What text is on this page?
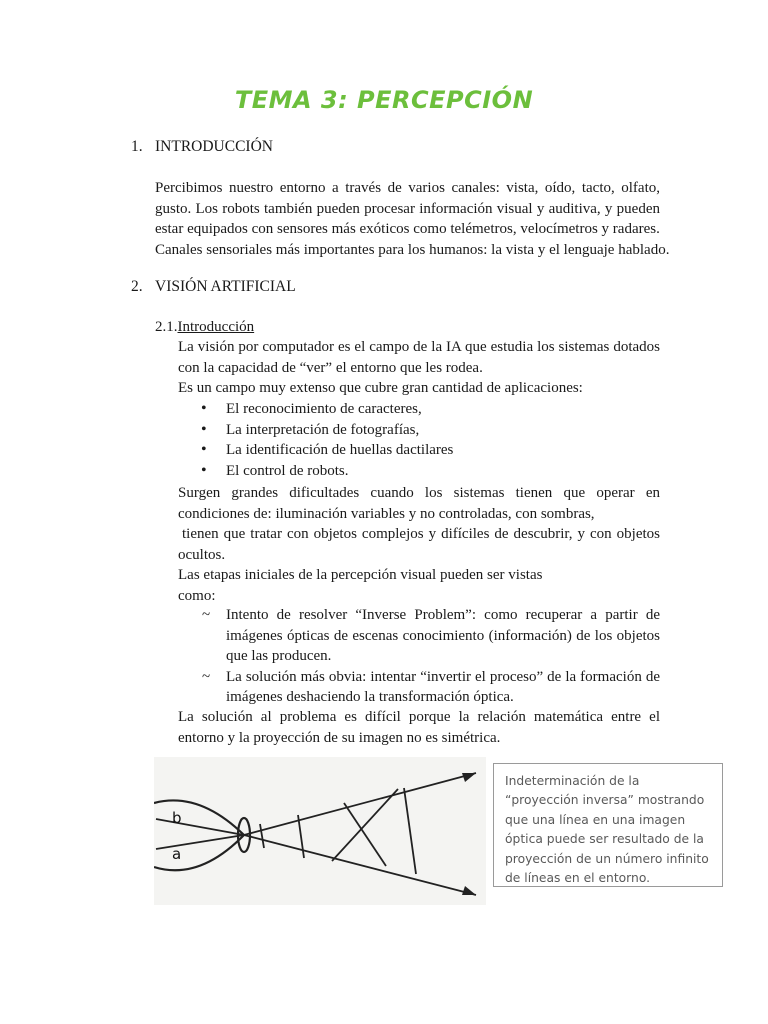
TEMA 3: PERCEPCIÓN
1. INTRODUCCIÓN

Percibimos nuestro entorno a través de varios canales: vista, oído, tacto, olfato, gusto. Los robots también pueden procesar información visual y auditiva, y pueden estar equipados con sensores más exóticos como telémetros, velocímetros y radares.

Canales sensoriales más importantes para los humanos: la vista y el lenguaje hablado.

2. VISIÓN ARTIFICIAL
2.1.Introducción

La visión por computador es el campo de la IA que estudia los sistemas dotados con la capacidad de “ver” el entorno que les rodea.

Es un campo muy extenso que cubre gran cantidad de aplicaciones:

• El reconocimiento de caracteres,
• La interpretación de fotografías,
• La identificación de huellas dactilares
• El control de robots.

Surgen grandes dificultades cuando los sistemas tienen que operar en condiciones de: iluminación variables y no controladas, con sombras,

tienen que tratar con objetos complejos y difíciles de descubrir, y con objetos ocultos.

Las etapas iniciales de la percepción visual pueden ser vistas como:

~ Intento de resolver “Inverse Problem”: como recuperar a partir de imágenes ópticas de escenas conocimiento (información) de los objetos que las producen.
~ La solución más obvia: intentar “invertir el proceso” de la formación de imágenes deshaciendo la transformación óptica.

La solución al problema es difícil porque la relación matemática entre el entorno y la proyección de su imagen no es simétrica.

b
a
Indeterminación de la “proyección inversa” mostrando que una línea en una imagen óptica puede ser resultado de la proyección de un número infinito de líneas en el entorno.
